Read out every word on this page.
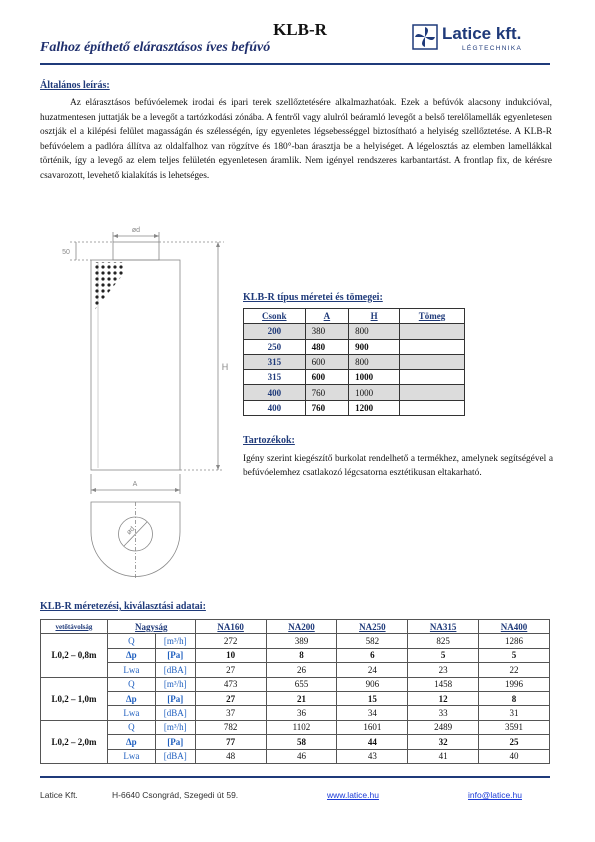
KLB-R
Falhoz építhető elárasztásos íves befúvó
Latice kft.
LÉGTECHNIKA
Általános leírás:
Az elárasztásos befúvóelemek irodai és ipari terek szellőztetésére alkalmazhatóak. Ezek a befúvók alacsony indukcióval, huzatmentesen juttatják be a levegőt a tartózkodási zónába. A fentről vagy alulról beáramló levegőt a belső terelőlamellák egyenletesen osztják el a kilépési felület magasságán és szélességén, így egyenletes légsebességgel biztosítható a helyiség szellőztetése. A KLB-R befúvóelem a padlóra állítva az oldalfalhoz van rögzítve és 180°-ban árasztja be a helyiséget. A légelosztás az elemben lamellákkal történik, így a levegő az elem teljes felületén egyenletesen áramlik. Nem igényel rendszeres karbantartást. A frontlap fix, de kérésre csavarozott, levehető kialakítás is lehetséges.
ød
50
H
A
ød
KLB-R típus méretei és tömegei:
Csonk	A	H	Tömeg
200	380	800	
250	480	900	
315	600	800	
315	600	1000	
400	760	1000	
400	760	1200	
Tartozékok:
Igény szerint kiegészítő burkolat rendelhető a termékhez, amelynek segítségével a befúvóelemhez csatlakozó légcsatorna esztétikusan eltakarható.
KLB-R méretezési, kiválasztási adatai:
vetőtávolság	Nagyság		NA160	NA200	NA250	NA315	NA400
L0,2 – 0,8m	Q	[m³/h]	272	389	582	825	1286
	Δp	[Pa]	10	8	6	5	5
	Lwa	[dBA]	27	26	24	23	22
L0,2 – 1,0m	Q	[m³/h]	473	655	906	1458	1996
	Δp	[Pa]	27	21	15	12	8
	Lwa	[dBA]	37	36	34	33	31
L0,2 – 2,0m	Q	[m³/h]	782	1102	1601	2489	3591
	Δp	[Pa]	77	58	44	32	25
	Lwa	[dBA]	48	46	43	41	40
Latice Kft.	H-6640 Csongrád, Szegedi út 59.	www.latice.hu	info@latice.hu
